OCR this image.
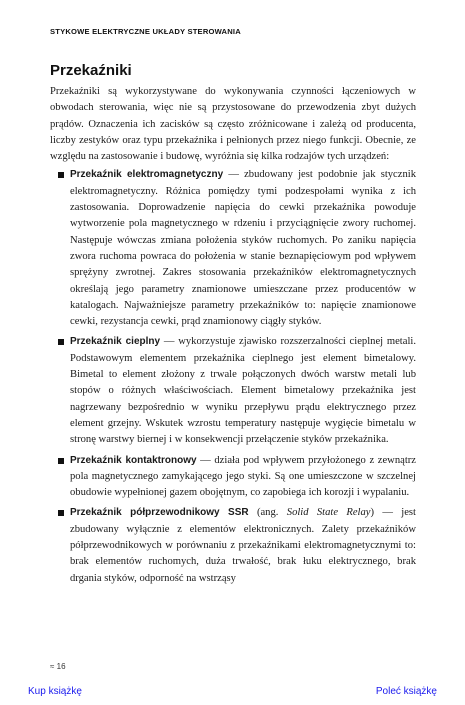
STYKOWE ELEKTRYCZNE UKŁADY STEROWANIA
Przekaźniki

Przekaźniki są wykorzystywane do wykonywania czynności łączeniowych w obwodach sterowania, więc nie są przystosowane do przewodzenia zbyt dużych prądów. Oznaczenia ich zacisków są często zróżnicowane i zależą od producenta, liczby zestyków oraz typu przekaźnika i pełnionych przez niego funkcji. Obecnie, ze względu na zastosowanie i budowę, wyróżnia się kilka rodzajów tych urządzeń:

Przekaźnik elektromagnetyczny — zbudowany jest podobnie jak stycznik elektromagnetyczny. Różnica pomiędzy tymi podzespołami wynika z ich zastosowania. Doprowadzenie napięcia do cewki przekaźnika powoduje wytworzenie pola magnetycznego w rdzeniu i przyciągnięcie zwory ruchomej. Następuje wówczas zmiana położenia styków ruchomych. Po zaniku napięcia zwora ruchoma powraca do położenia w stanie beznapięciowym pod wpływem sprężyny zwrotnej. Zakres stosowania przekaźników elektromagnetycznych określają jego parametry znamionowe umieszczane przez producentów w katalogach. Najważniejsze parametry przekaźników to: napięcie znamionowe cewki, rezystancja cewki, prąd znamionowy ciągły styków.
Przekaźnik cieplny — wykorzystuje zjawisko rozszerzalności cieplnej metali. Podstawowym elementem przekaźnika cieplnego jest element bimetalowy. Bimetal to element złożony z trwale połączonych dwóch warstw metali lub stopów o różnych właściwościach. Element bimetalowy przekaźnika jest nagrzewany bezpośrednio w wyniku przepływu prądu elektrycznego przez element grzejny. Wskutek wzrostu temperatury następuje wygięcie bimetalu w stronę warstwy biernej i w konsekwencji przełączenie styków przekaźnika.
Przekaźnik kontaktronowy — działa pod wpływem przyłożonego z zewnątrz pola magnetycznego zamykającego jego styki. Są one umieszczone w szczelnej obudowie wypełnionej gazem obojętnym, co zapobiega ich korozji i wypalaniu.
Przekaźnik półprzewodnikowy SSR (ang. Solid State Relay) — jest zbudowany wyłącznie z elementów elektronicznych. Zalety przekaźników półprzewodnikowych w porównaniu z przekaźnikami elektromagnetycznymi to: brak elementów ruchomych, duża trwałość, brak łuku elektrycznego, brak drgania styków, odporność na wstrząsy
≈ 16
Kup książkę	Poleć książkę
